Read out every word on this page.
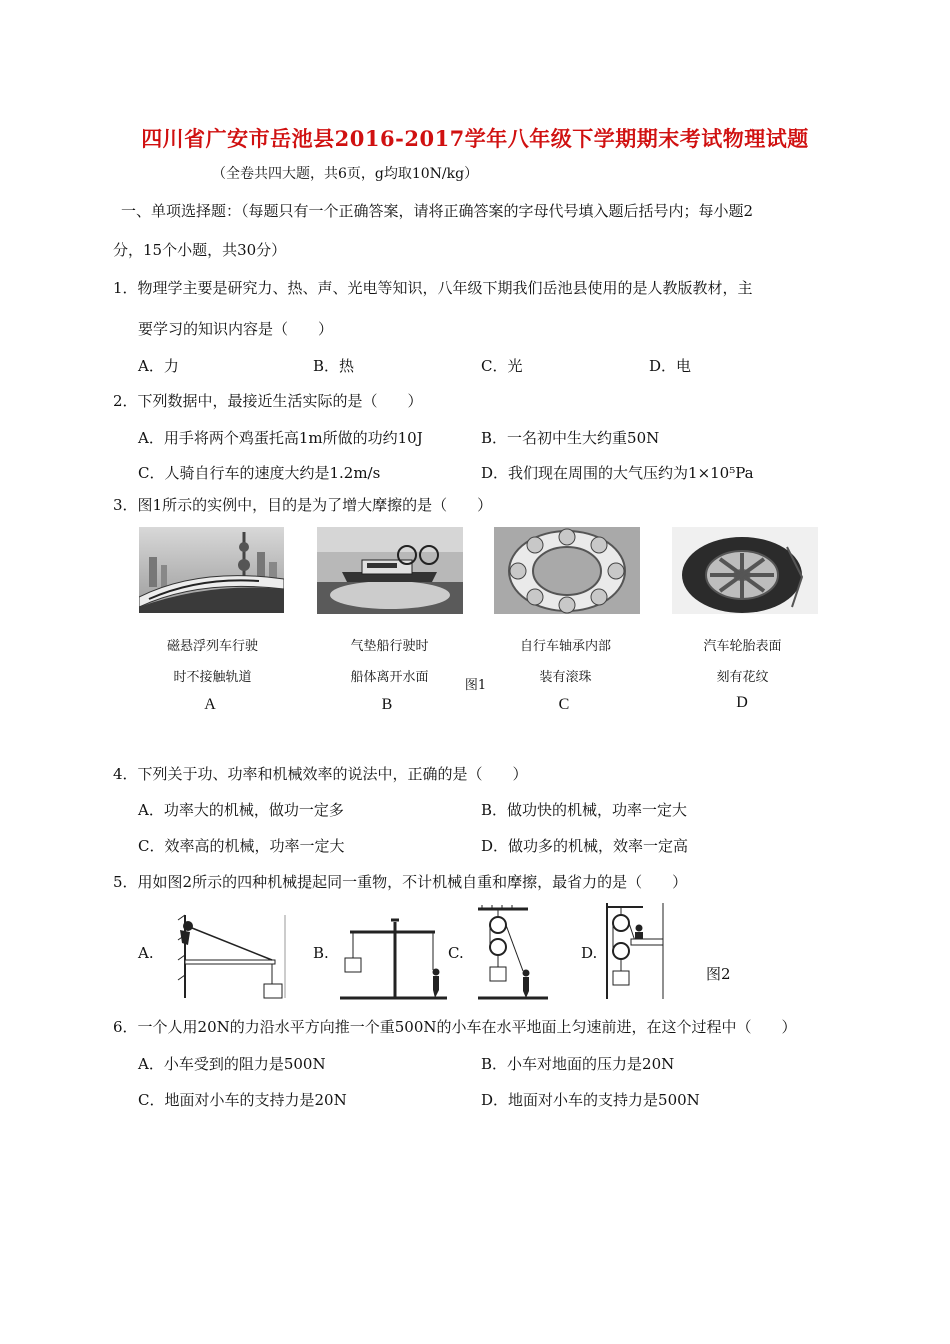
四川省广安市岳池县2016-2017学年八年级下学期期末考试物理试题
（全卷共四大题，共6页，g均取10N/kg）
一、单项选择题：（每题只有一个正确答案，请将正确答案的字母代号填入题后括号内；每小题2
分，15个小题，共30分）
1．物理学主要是研究力、热、声、光电等知识，八年级下期我们岳池县使用的是人教版教材，主
要学习的知识内容是（　　）
A．力	B．热	C．光	D．电
2．下列数据中，最接近生活实际的是（　　）
A．用手将两个鸡蛋托高1m所做的功约10J	B．一名初中生大约重50N
C．人骑自行车的速度大约是1.2m/s	D．我们现在周围的大气压约为1×10⁵Pa
3．图1所示的实例中，目的是为了增大摩擦的是（　　）
磁悬浮列车行驶
时不接触轨道
A
气垫船行驶时
船体离开水面
B
图1
自行车轴承内部
装有滚珠
C
汽车轮胎表面
刻有花纹
D
4．下列关于功、功率和机械效率的说法中，正确的是（　　）
A．功率大的机械，做功一定多	B．做功快的机械，功率一定大
C．效率高的机械，功率一定大	D．做功多的机械，效率一定高
5．用如图2所示的四种机械提起同一重物，不计机械自重和摩擦，最省力的是（　　）
A.	B.	C.	D.
图2
6．一个人用20N的力沿水平方向推一个重500N的小车在水平地面上匀速前进，在这个过程中（　　）
A．小车受到的阻力是500N	B．小车对地面的压力是20N
C．地面对小车的支持力是20N	D．地面对小车的支持力是500N
